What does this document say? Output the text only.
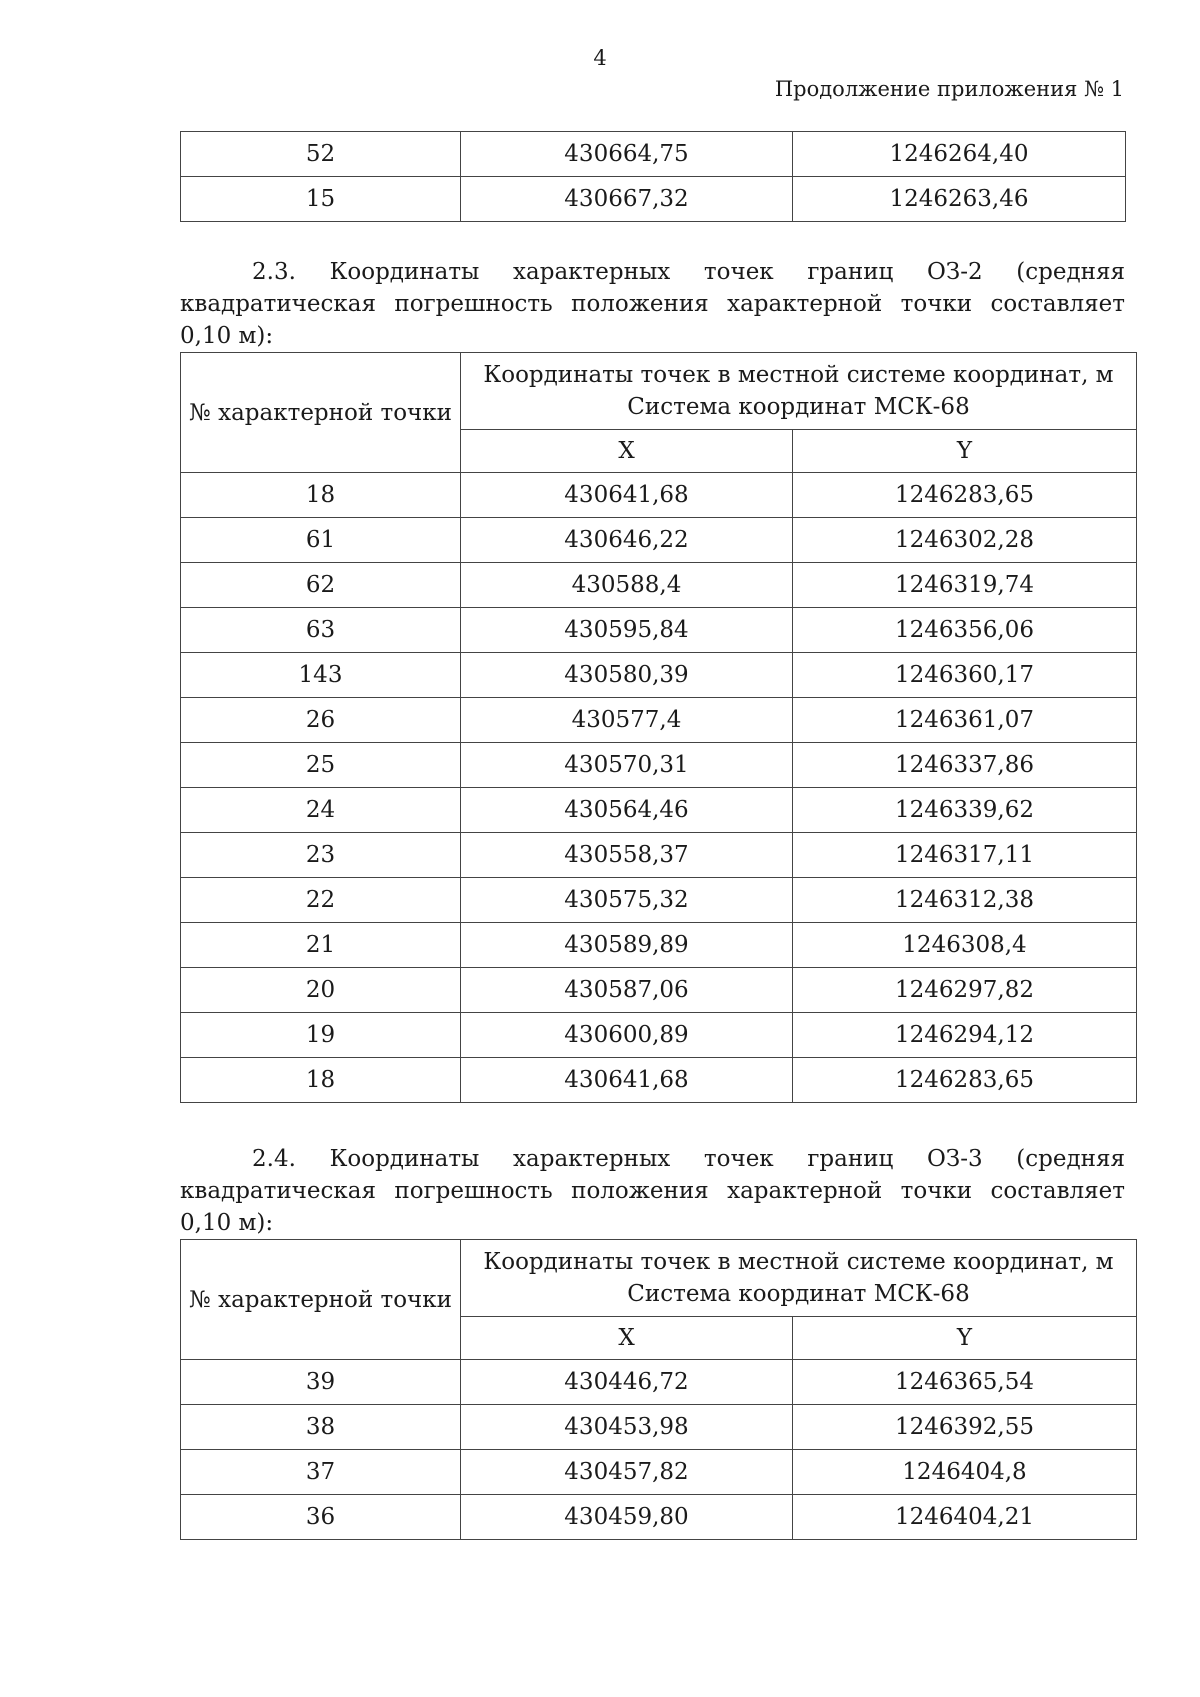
4
Продолжение приложения № 1
52	430664,75	1246264,40
15	430667,32	1246263,46
2.3. Координаты характерных точек границ ОЗ-2 (средняя квадратическая погрешность положения характерной точки составляет 0,10 м):
№ характерной точки	Координаты точек в местной системе координат, м Система координат МСК-68	
	X	Y
18	430641,68	1246283,65
61	430646,22	1246302,28
62	430588,4	1246319,74
63	430595,84	1246356,06
143	430580,39	1246360,17
26	430577,4	1246361,07
25	430570,31	1246337,86
24	430564,46	1246339,62
23	430558,37	1246317,11
22	430575,32	1246312,38
21	430589,89	1246308,4
20	430587,06	1246297,82
19	430600,89	1246294,12
18	430641,68	1246283,65
2.4. Координаты характерных точек границ ОЗ-3 (средняя квадратическая погрешность положения характерной точки составляет 0,10 м):
№ характерной точки	Координаты точек в местной системе координат, м Система координат МСК-68	
	X	Y
39	430446,72	1246365,54
38	430453,98	1246392,55
37	430457,82	1246404,8
36	430459,80	1246404,21
